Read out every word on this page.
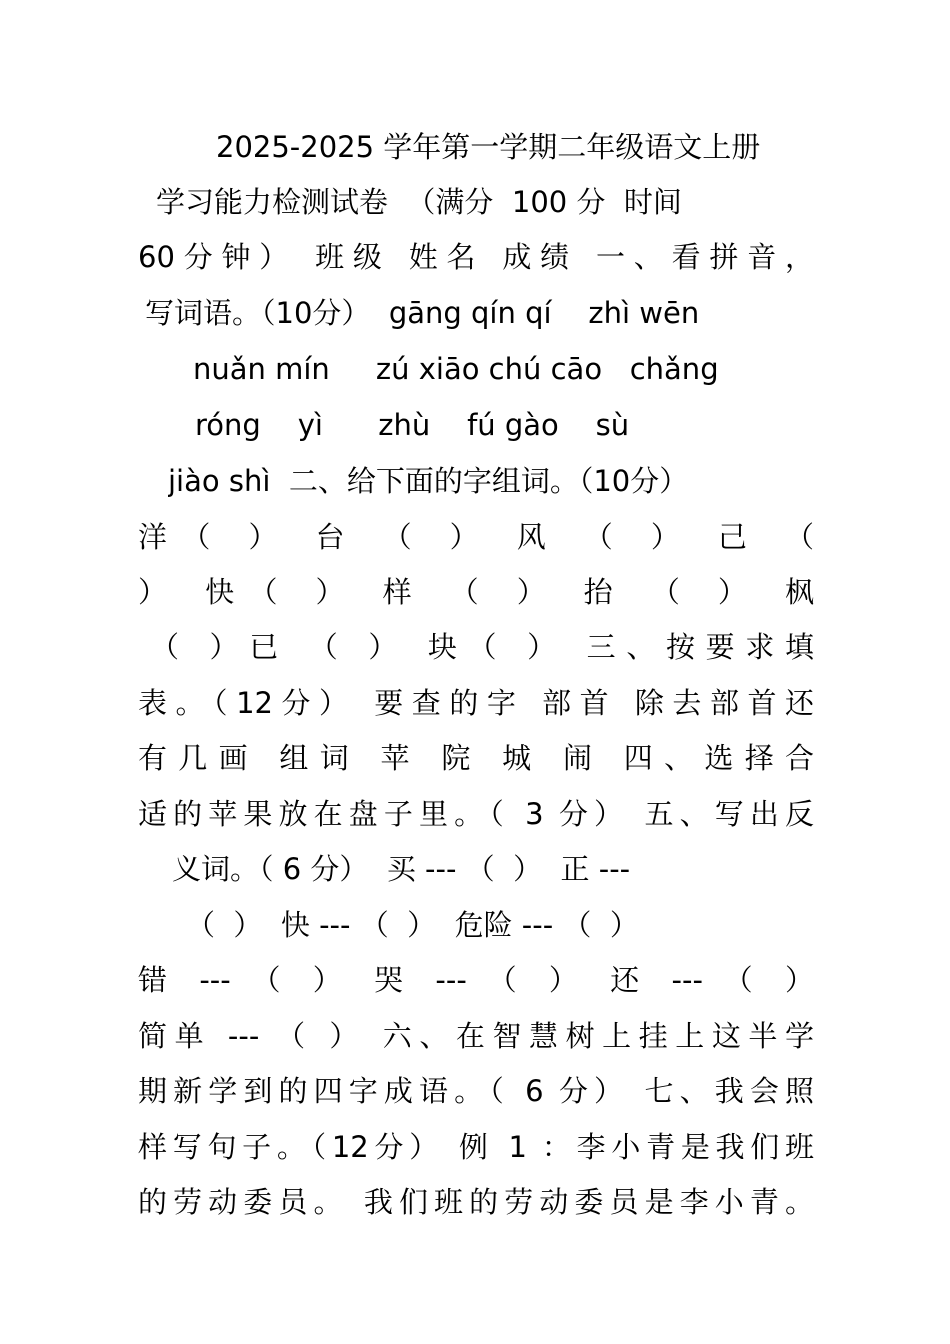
2025-2025 学年第一学期二年级语文上册
学习能力检测试卷  （满分  100 分  时间
60分钟） 班级 姓名 成绩 一、看拼音，
写词语。（10分）  gāng qín qí    zhì wēn
nuǎn mín     zú xiāo chú cāo   chǎng
róng    yì      zhù    fú gào    sù
jiào shì  二、给下面的字组词。（10分）
洋（ ） 台 （ ） 风 （ ） 己 （
） 快（ ） 样 （ ） 抬 （ ） 枫
（ ）已 （ ） 块（ ） 三、按要求填
表。（12分） 要查的字 部首 除去部首还
有几画 组词 苹 院 城 闹 四、选择合
适的苹果放在盘子里。（ 3 分） 五、写出反
义词。（ 6 分）  买 --- （  ）  正 ---
（  ）  快 --- （  ）  危险 --- （  ）
错 --- （ ） 哭 --- （ ） 还 --- （ ）
简单 --- （ ） 六、在智慧树上挂上这半学
期新学到的四字成语。（ 6 分） 七、我会照
样写句子。（12分） 例 1 ：李小青是我们班
的劳动委员。 我们班的劳动委员是李小青。
